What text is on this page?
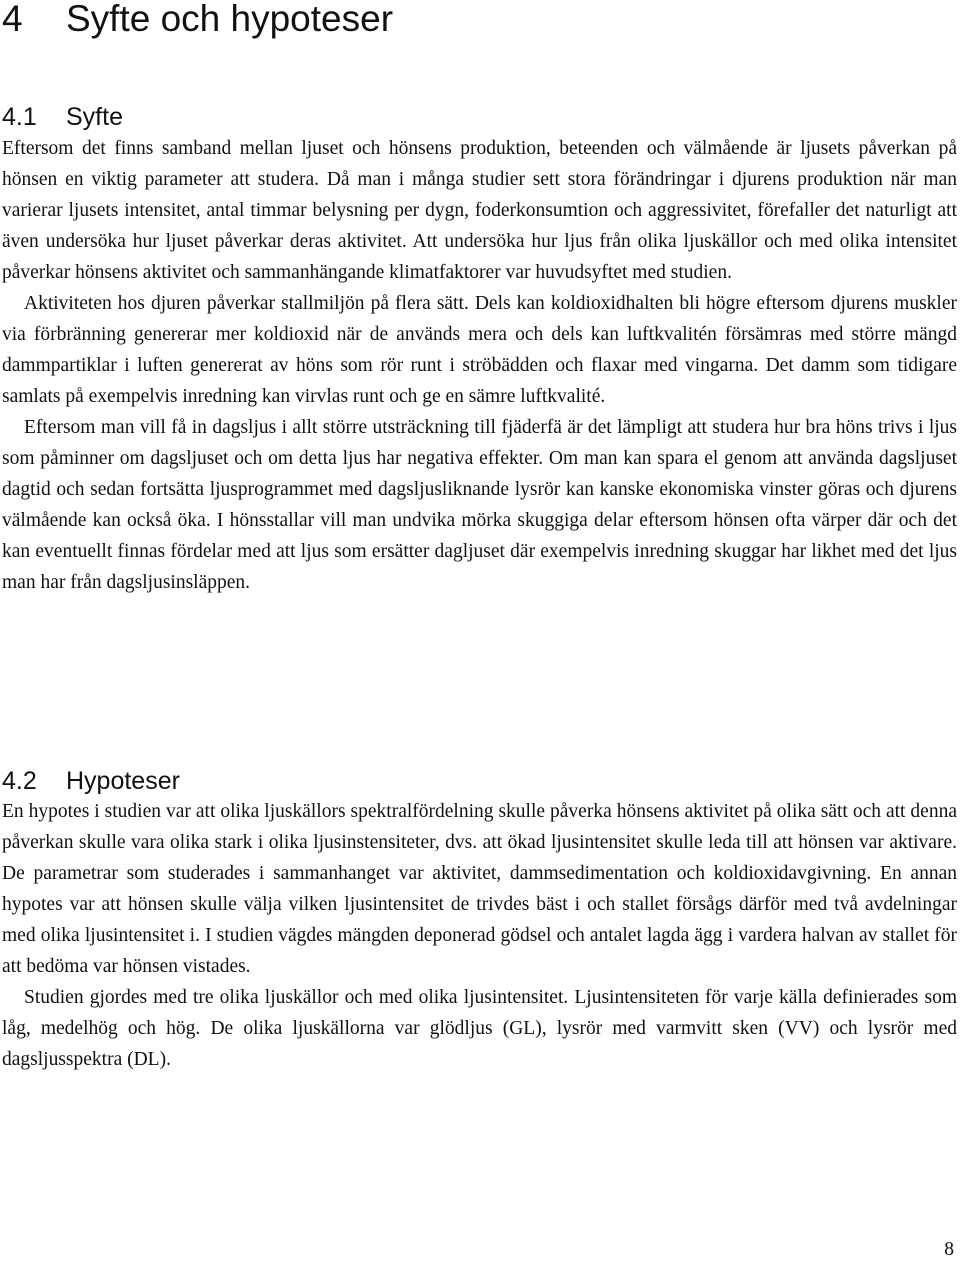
4 Syfte och hypoteser
4.1 Syfte

Eftersom det finns samband mellan ljuset och hönsens produktion, beteenden och välmående är ljusets påverkan på hönsen en viktig parameter att studera. Då man i många studier sett stora förändringar i djurens produktion när man varierar ljusets intensitet, antal timmar belysning per dygn, foderkonsumtion och aggressivitet, förefaller det naturligt att även undersöka hur ljuset påverkar deras aktivitet. Att undersöka hur ljus från olika ljuskällor och med olika intensitet påverkar hönsens aktivitet och sammanhängande klimatfaktorer var huvudsyftet med studien.

Aktiviteten hos djuren påverkar stallmiljön på flera sätt. Dels kan koldioxidhalten bli högre eftersom djurens muskler via förbränning genererar mer koldioxid när de används mera och dels kan luftkvalitén försämras med större mängd dammpartiklar i luften genererat av höns som rör runt i ströbädden och flaxar med vingarna. Det damm som tidigare samlats på exempelvis inredning kan virvlas runt och ge en sämre luftkvalité.

Eftersom man vill få in dagsljus i allt större utsträckning till fjäderfä är det lämpligt att studera hur bra höns trivs i ljus som påminner om dagsljuset och om detta ljus har negativa effekter. Om man kan spara el genom att använda dagsljuset dagtid och sedan fortsätta ljusprogrammet med dagsljusliknande lysrör kan kanske ekonomiska vinster göras och djurens välmående kan också öka. I hönsstallar vill man undvika mörka skuggiga delar eftersom hönsen ofta värper där och det kan eventuellt finnas fördelar med att ljus som ersätter dagljuset där exempelvis inredning skuggar har likhet med det ljus man har från dagsljusinsläppen.

4.2 Hypoteser

En hypotes i studien var att olika ljuskällors spektralfördelning skulle påverka hönsens aktivitet på olika sätt och att denna påverkan skulle vara olika stark i olika ljusinstensiteter, dvs. att ökad ljusintensitet skulle leda till att hönsen var aktivare. De parametrar som studerades i sammanhanget var aktivitet, dammsedimentation och koldioxidavgivning. En annan hypotes var att hönsen skulle välja vilken ljusintensitet de trivdes bäst i och stallet försågs därför med två avdelningar med olika ljusintensitet i. I studien vägdes mängden deponerad gödsel och antalet lagda ägg i vardera halvan av stallet för att bedöma var hönsen vistades.

Studien gjordes med tre olika ljuskällor och med olika ljusintensitet. Ljusintensiteten för varje källa definierades som låg, medelhög och hög. De olika ljuskällorna var glödljus (GL), lysrör med varmvitt sken (VV) och lysrör med dagsljusspektra (DL).

8
